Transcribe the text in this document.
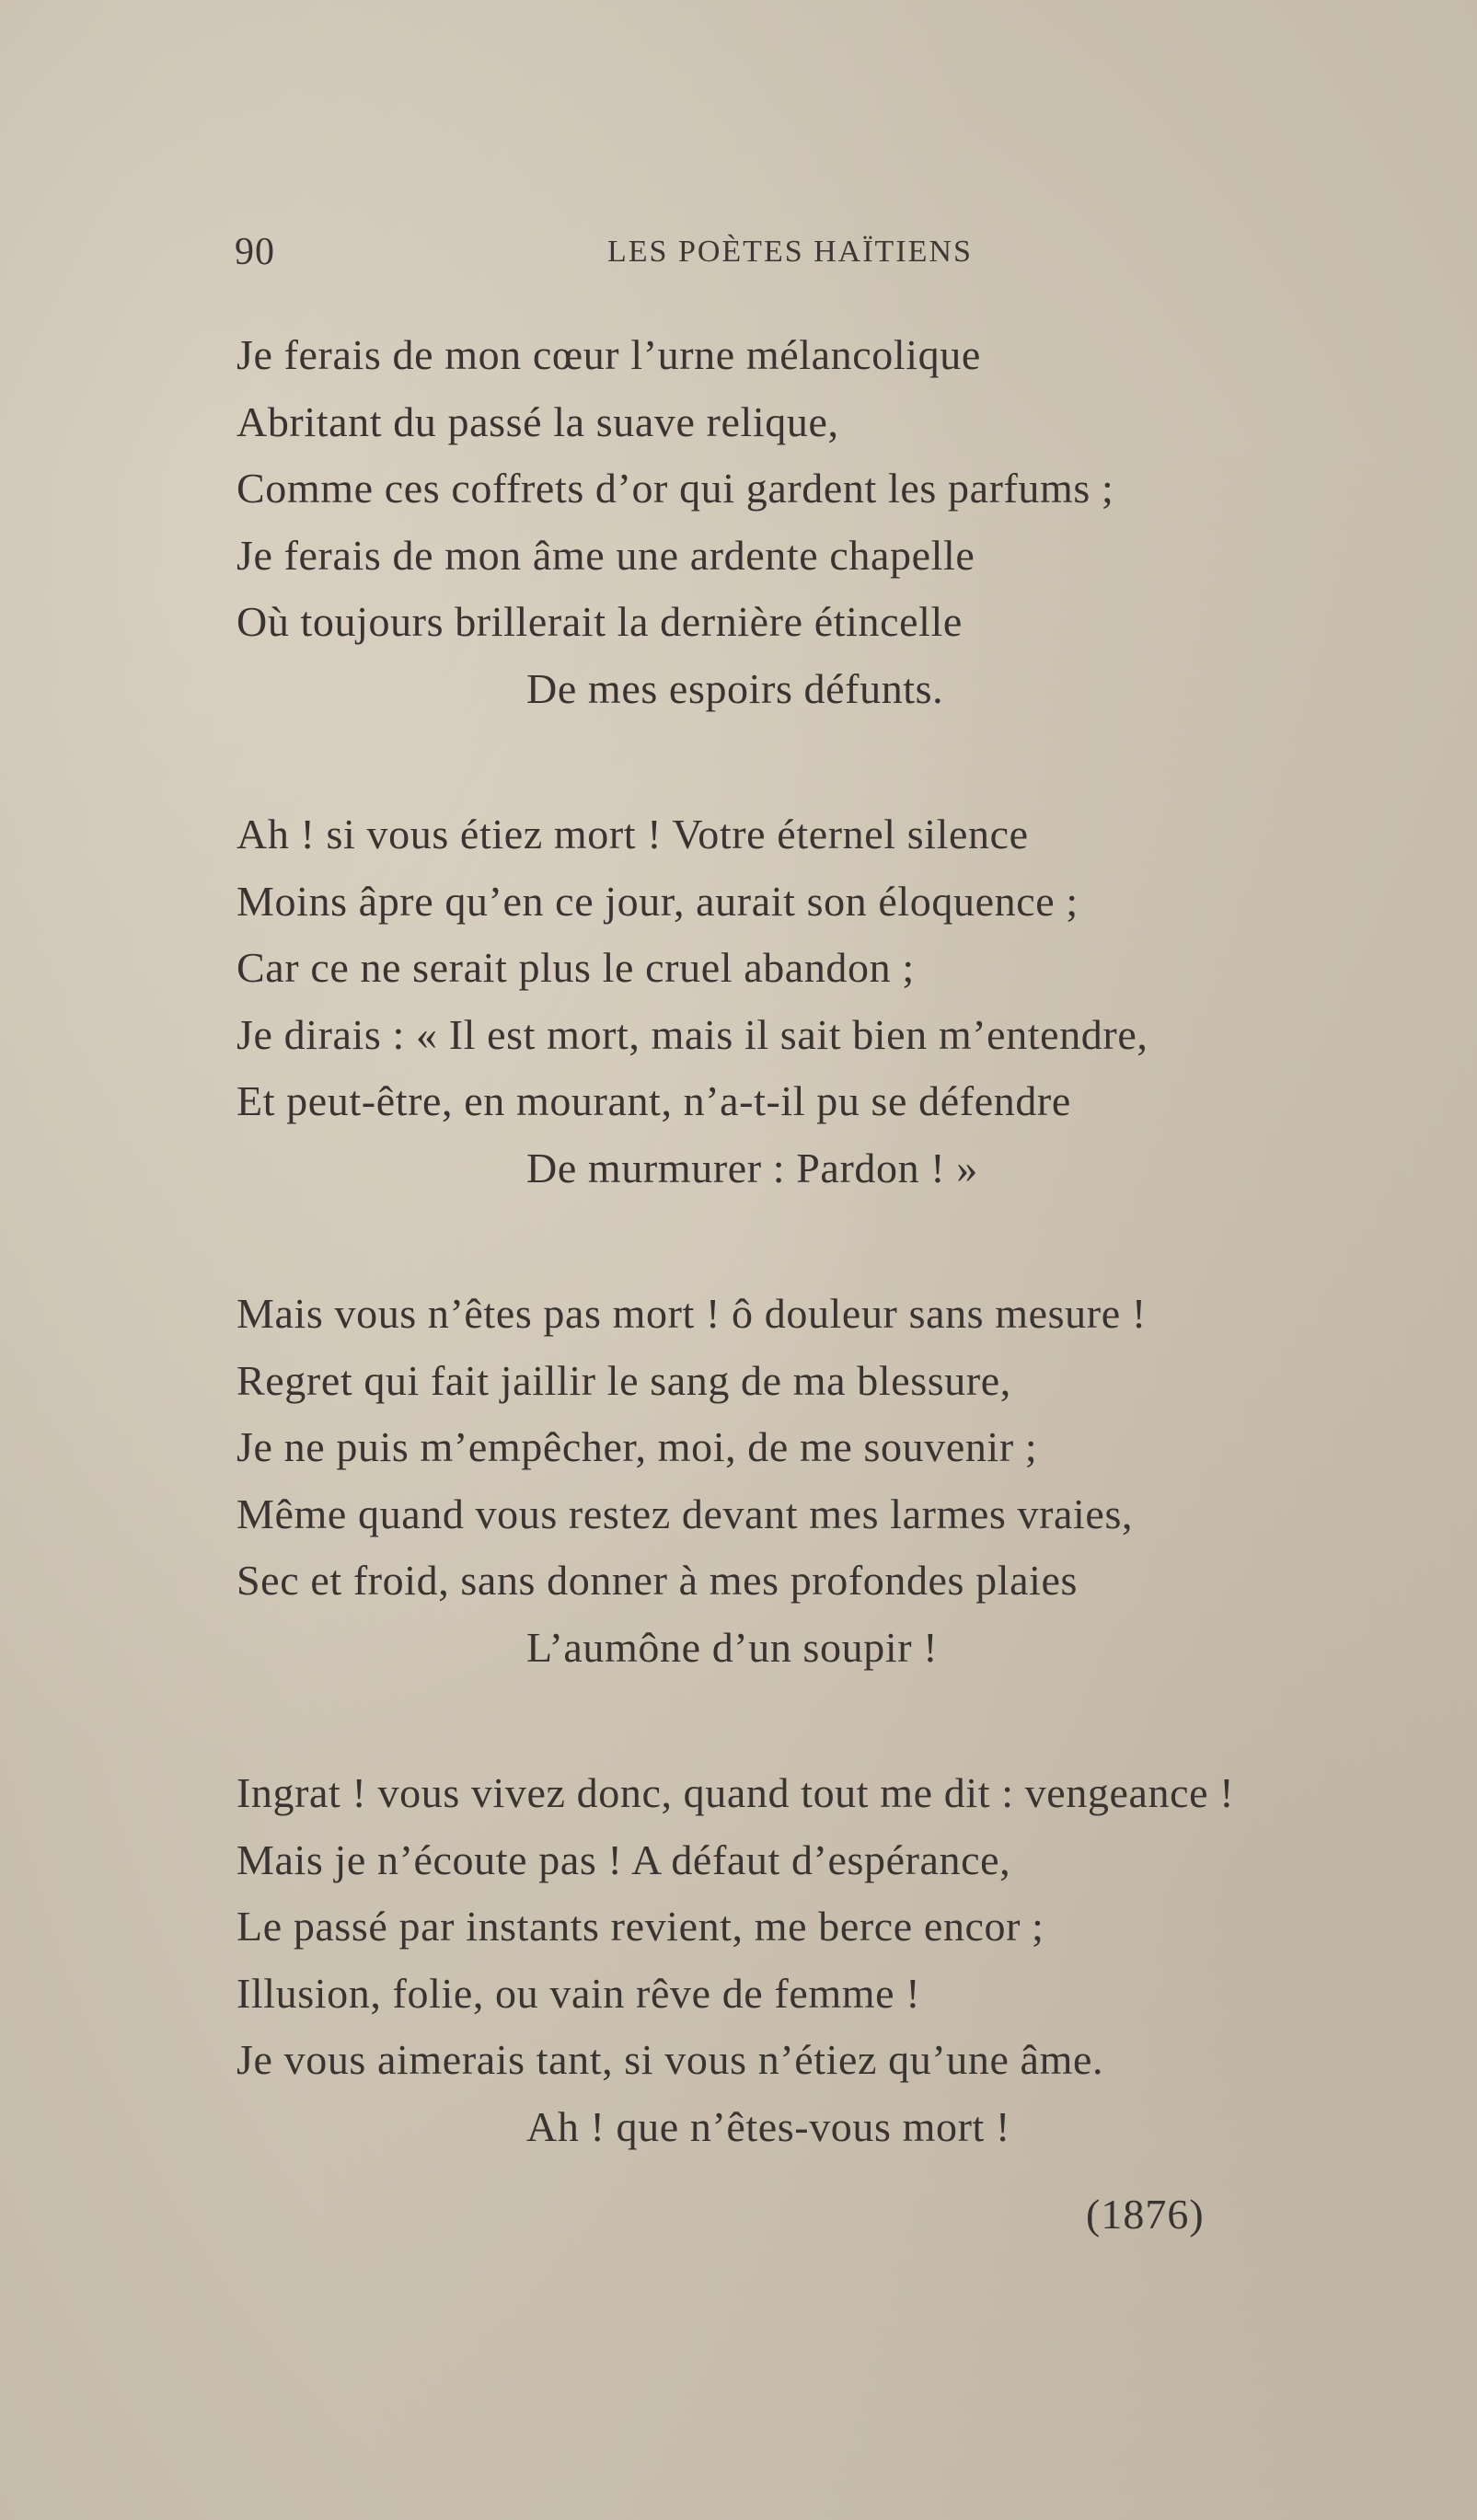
90	LES POÈTES HAÏTIENS
Je ferais de mon cœur l’urne mélancolique
Abritant du passé la suave relique,
Comme ces coffrets d’or qui gardent les parfums ;
Je ferais de mon âme une ardente chapelle
Où toujours brillerait la dernière étincelle
De mes espoirs défunts.
Ah ! si vous étiez mort ! Votre éternel silence
Moins âpre qu’en ce jour, aurait son éloquence ;
Car ce ne serait plus le cruel abandon ;
Je dirais : « Il est mort, mais il sait bien m’entendre,
Et peut-être, en mourant, n’a-t-il pu se défendre
De murmurer : Pardon ! »
Mais vous n’êtes pas mort ! ô douleur sans mesure !
Regret qui fait jaillir le sang de ma blessure,
Je ne puis m’empêcher, moi, de me souvenir ;
Même quand vous restez devant mes larmes vraies,
Sec et froid, sans donner à mes profondes plaies
L’aumône d’un soupir !
Ingrat ! vous vivez donc, quand tout me dit : vengeance !
Mais je n’écoute pas ! A défaut d’espérance,
Le passé par instants revient, me berce encor ;
Illusion, folie, ou vain rêve de femme !
Je vous aimerais tant, si vous n’étiez qu’une âme.
Ah ! que n’êtes-vous mort !
(1876)
